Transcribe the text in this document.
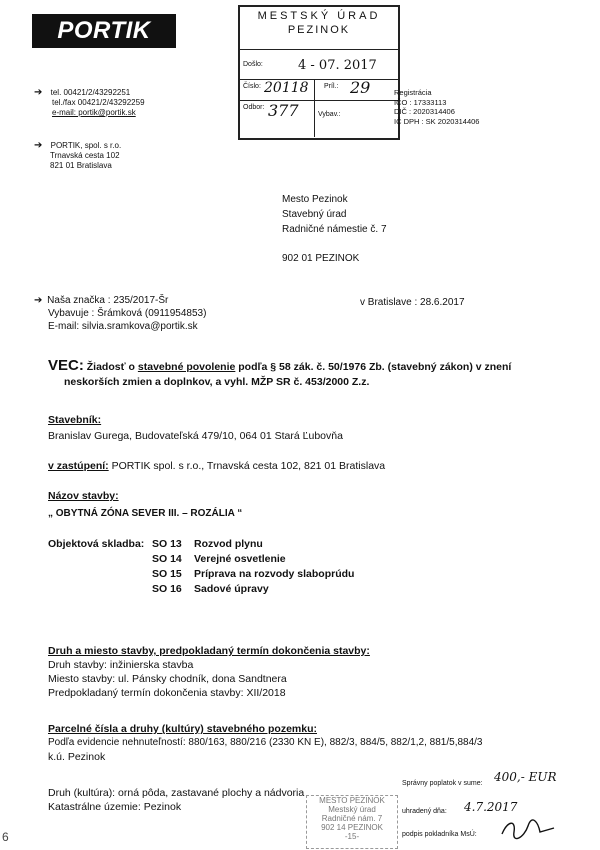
PORTIK
➔ tel. 00421/2/43292251
tel./fax 00421/2/43292259
e-mail: portik@portik.sk
➔ PORTIK, spol. s r.o.
Trnavská cesta 102
821 01 Bratislava
MESTSKÝ ÚRAD
PEZINOK
Došlo:	4 - 07. 2017
Číslo: 20118 Príl.: 29
Odbor: 377	Vybav.:
Registrácia
IČO : 17333113
DIČ : 2020314406
IČ DPH : SK 2020314406
Mesto Pezinok
Stavebný úrad
Radničné námestie č. 7
902 01 PEZINOK
➔ Naša značka : 235/2017-Šr
Vybavuje : Šrámková (0911954853)
E-mail: silvia.sramkova@portik.sk
v Bratislave : 28.6.2017
VEC: Žiadosť o stavebné povolenie podľa § 58 zák. č. 50/1976 Zb. (stavebný zákon) v znení
neskorších zmien a doplnkov, a vyhl. MŽP SR č. 453/2000 Z.z.
Stavebník:
Branislav Gurega, Budovateľská 479/10, 064 01 Stará Ľubovňa
v zastúpení: PORTIK spol. s r.o., Trnavská cesta 102, 821 01 Bratislava
Názov stavby:
„ OBYTNÁ ZÓNA SEVER III. – ROZÁLIA “
Objektová skladba: SO 13 Rozvod plynu
SO 14 Verejné osvetlenie
SO 15 Príprava na rozvody slaboprúdu
SO 16 Sadové úpravy
Druh a miesto stavby, predpokladaný termín dokončenia stavby:
Druh stavby: inžinierska stavba
Miesto stavby: ul. Pánsky chodník, dona Sandtnera
Predpokladaný termín dokončenia stavby: XII/2018
Parcelné čísla a druhy (kultúry) stavebného pozemku:
Podľa evidencie nehnuteľností: 880/163, 880/216 (2330 KN E), 882/3, 884/5, 882/1,2, 881/5,884/3
k.ú. Pezinok
Druh (kultúra): orná pôda, zastavané plochy a nádvoria
Katastrálne územie: Pezinok
MESTO PEZINOK
Mestský úrad
Radničné nám. 7
902 14 PEZINOK
-15-
Správny poplatok v sume: 400,- EUR
uhradený dňa: 4.7.2017
podpis pokladníka MsÚ:
6
